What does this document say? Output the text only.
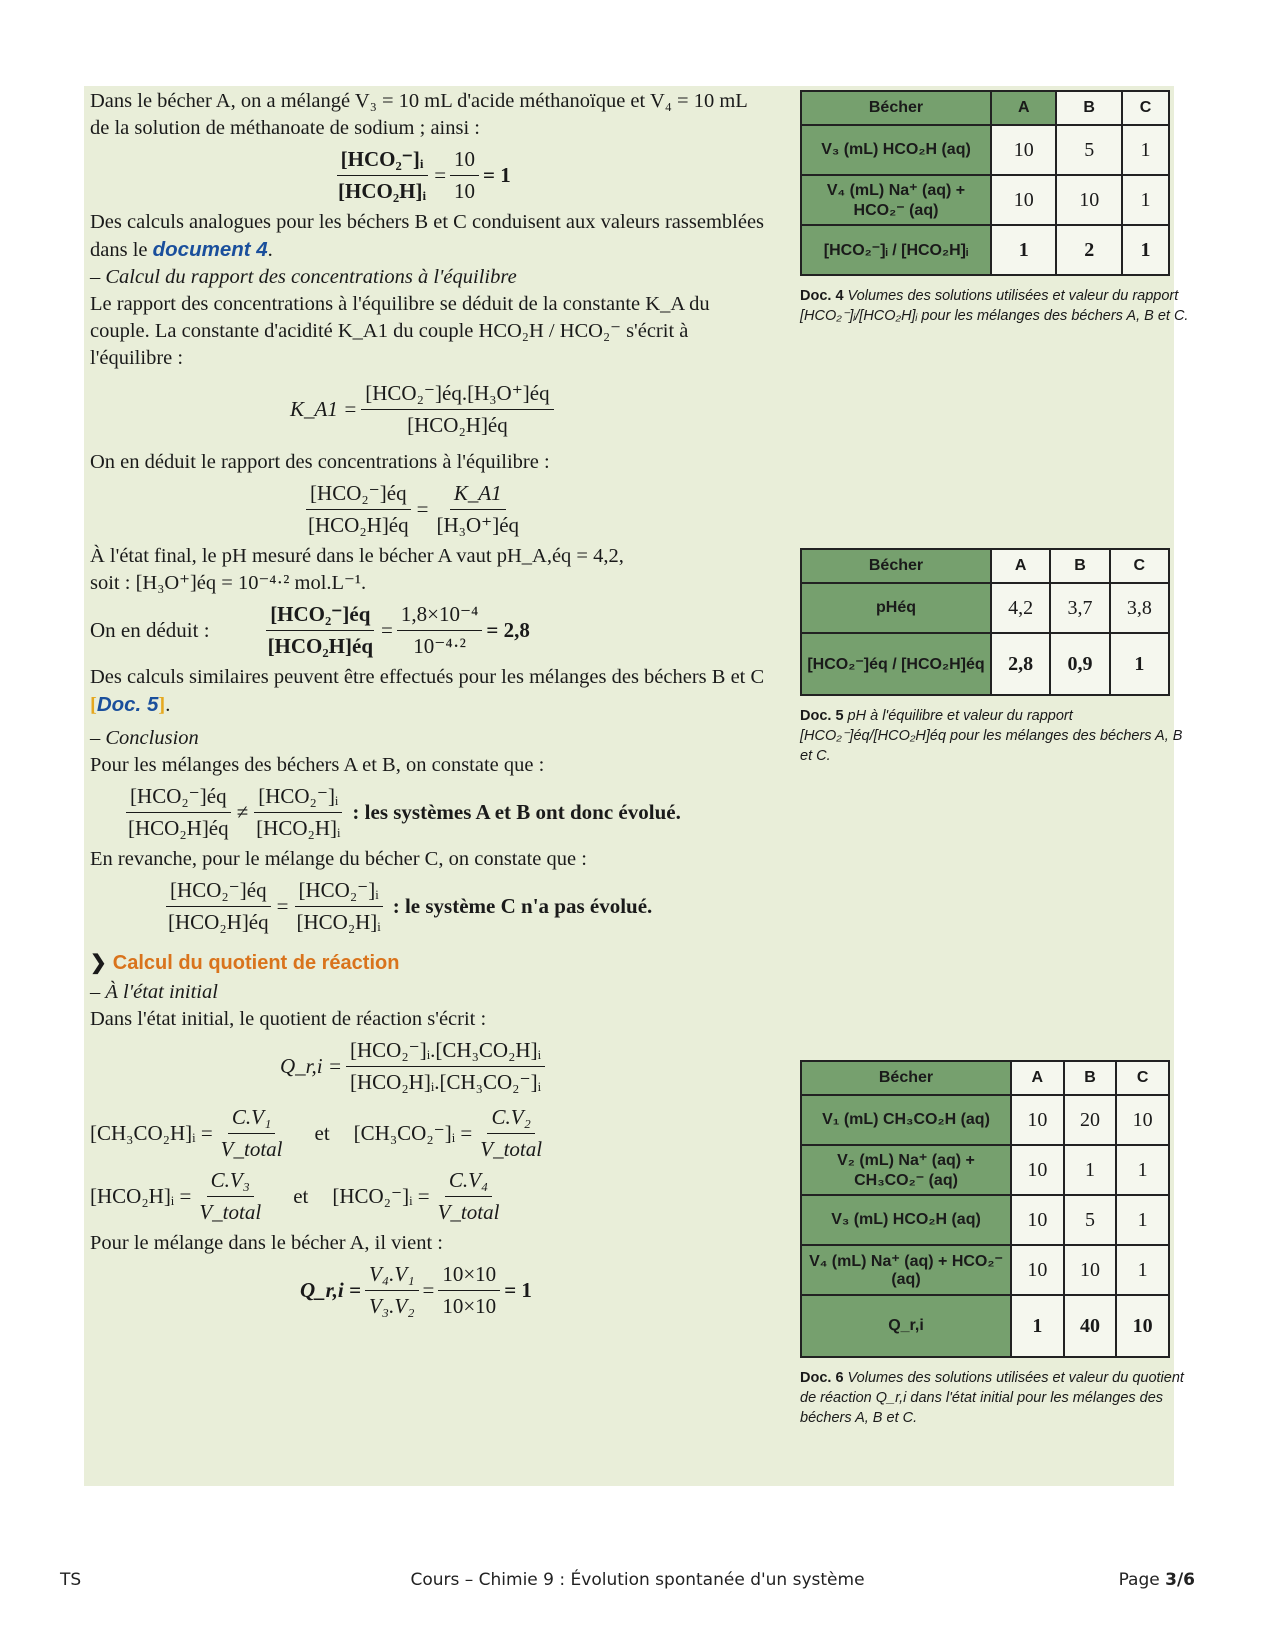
Dans le bécher A, on a mélangé V₃ = 10 mL d'acide méthanoïque et V₄ = 10 mL de la solution de méthanoate de sodium ; ainsi :

$\frac{\text{[HCO₂⁻]ᵢ}}{\text{[HCO₂H]ᵢ}} = \frac{10}{10} = 1$

Des calculs analogues pour les béchers B et C conduisent aux valeurs rassemblées dans le document 4.

– Calcul du rapport des concentrations à l'équilibre

Le rapport des concentrations à l'équilibre se déduit de la constante K_A du couple. La constante d'acidité K_A1 du couple HCO₂H / HCO₂⁻ s'écrit à l'équilibre :

K_A1 = $\frac{\text{[HCO₂⁻]éq.[H₃O⁺]éq}}{\text{[HCO₂H]éq}}$

On en déduit le rapport des concentrations à l'équilibre :

$\frac{\text{[HCO₂⁻]éq}}{\text{[HCO₂H]éq}} = \frac{K\_A1}{\text{[H₃O⁺]éq}}$

À l'état final, le pH mesuré dans le bécher A vaut pH_A,éq = 4,2,

soit : [H₃O⁺]éq = 10⁻⁴·² mol.L⁻¹.

On en déduit :	$\frac{\text{[HCO₂⁻]éq}}{\text{[HCO₂H]éq}} = \frac{\text{1,8×10⁻⁴}}{\text{10⁻⁴·²}} = 2,8$

Des calculs similaires peuvent être effectués pour les mélanges des béchers B et C [Doc. 5].

– Conclusion

Pour les mélanges des béchers A et B, on constate que :

$\frac{\text{[HCO₂⁻]éq}}{\text{[HCO₂H]éq}} \ne \frac{\text{[HCO₂⁻]ᵢ}}{\text{[HCO₂H]ᵢ}}$ : les systèmes A et B ont donc évolué.

En revanche, pour le mélange du bécher C, on constate que :

$\frac{\text{[HCO₂⁻]éq}}{\text{[HCO₂H]éq}} = \frac{\text{[HCO₂⁻]ᵢ}}{\text{[HCO₂H]ᵢ}}$ : le système C n'a pas évolué.
❯ Calcul du quotient de réaction

– À l'état initial

Dans l'état initial, le quotient de réaction s'écrit :

Q_r,i = $\frac{\text{[HCO₂⁻]ᵢ.[CH₃CO₂H]ᵢ}}{\text{[HCO₂H]ᵢ.[CH₃CO₂⁻]ᵢ}}$
[CH₃CO₂H]ᵢ = $\frac{\text{C.V₁}}{\text{V\_total}}$ et [CH₃CO₂⁻]ᵢ = $\frac{\text{C.V₂}}{\text{V\_total}}$
[HCO₂H]ᵢ = $\frac{\text{C.V₃}}{\text{V\_total}}$ et [HCO₂⁻]ᵢ = $\frac{\text{C.V₄}}{\text{V\_total}}$

Pour le mélange dans le bécher A, il vient :

Q_r,i = $\frac{\text{V₄.V₁}}{\text{V₃.V₂}} = \frac{10\times 10}{10\times 10} = 1$
Bécher	A	B	C
V₃ (mL) HCO₂H (aq)	10	5	1
V₄ (mL) Na⁺ (aq) + HCO₂⁻ (aq)	10	10	1
[HCO₂⁻]ᵢ / [HCO₂H]ᵢ	1	2	1
Doc. 4 Volumes des solutions utilisées et valeur du rapport [HCO₂⁻]ᵢ/[HCO₂H]ᵢ pour les mélanges des béchers A, B et C.
Bécher	A	B	C
pHéq	4,2	3,7	3,8
[HCO₂⁻]éq / [HCO₂H]éq	2,8	0,9	1
Doc. 5 pH à l'équilibre et valeur du rapport [HCO₂⁻]éq/[HCO₂H]éq pour les mélanges des béchers A, B et C.
Bécher	A	B	C
V₁ (mL) CH₃CO₂H (aq)	10	20	10
V₂ (mL) Na⁺ (aq) + CH₃CO₂⁻ (aq)	10	1	1
V₃ (mL) HCO₂H (aq)	10	5	1
V₄ (mL) Na⁺ (aq) + HCO₂⁻ (aq)	10	10	1
Q_r,i	1	40	10
Doc. 6 Volumes des solutions utilisées et valeur du quotient de réaction Q_r,i dans l'état initial pour les mélanges des béchers A, B et C.
TS	Cours – Chimie 9 : Évolution spontanée d'un système	Page 3/6
